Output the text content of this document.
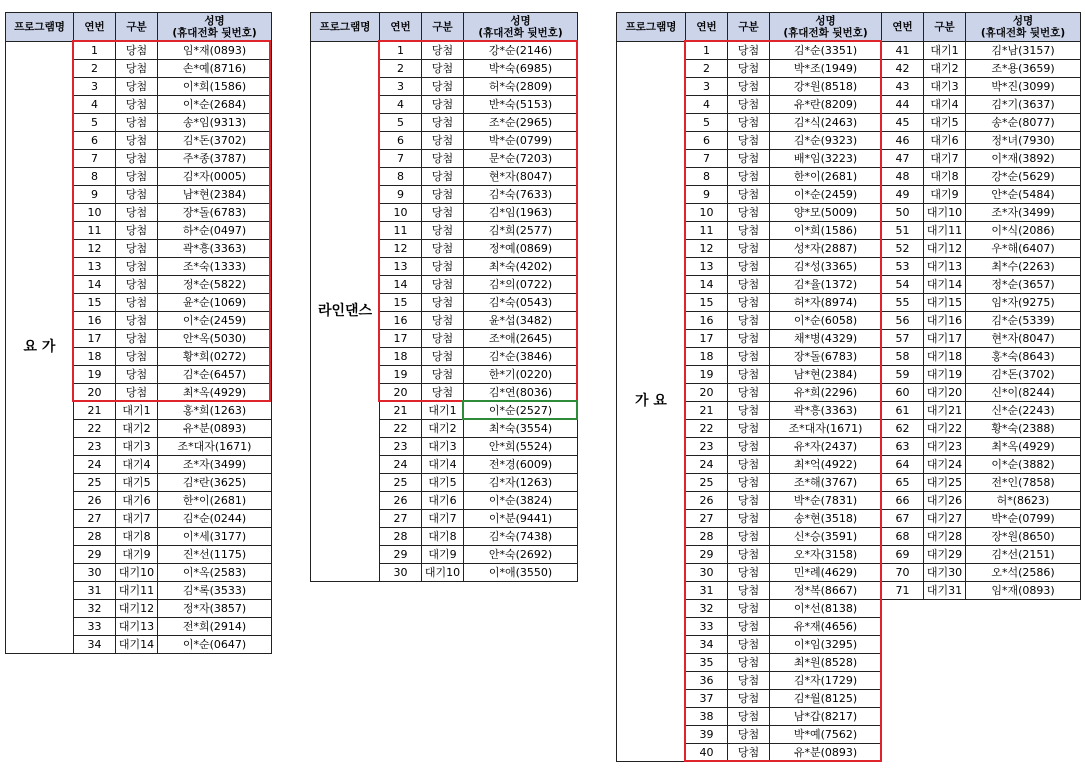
프로그램명	연번	구분	성명
(휴대전화 뒷번호)

요 가	1	당첨	임*재(0893)
	2	당첨	손*예(8716)
	3	당첨	이*희(1586)
	4	당첨	이*순(2684)
	5	당첨	송*임(9313)
	6	당첨	김*돈(3702)
	7	당첨	주*종(3787)
	8	당첨	김*자(0005)
	9	당첨	남*현(2384)
	10	당첨	장*돌(6783)
	11	당첨	하*순(0497)
	12	당첨	곽*흥(3363)
	13	당첨	조*숙(1333)
	14	당첨	정*순(5822)
	15	당첨	윤*순(1069)
	16	당첨	이*순(2459)
	17	당첨	안*옥(5030)
	18	당첨	황*희(0272)
	19	당첨	김*순(6457)
	20	당첨	최*옥(4929)
	21	대기1	홍*희(1263)
	22	대기2	유*분(0893)
	23	대기3	조*대자(1671)
	24	대기4	조*자(3499)
	25	대기5	김*란(3625)
	26	대기6	한*이(2681)
	27	대기7	김*순(0244)
	28	대기8	이*세(3177)
	29	대기9	진*선(1175)
	30	대기10	이*옥(2583)
	31	대기11	김*록(3533)
	32	대기12	정*자(3857)
	33	대기13	전*희(2914)
	34	대기14	이*순(0647)
프로그램명	연번	구분	성명
(휴대전화 뒷번호)

라인댄스	1	당첨	강*순(2146)
	2	당첨	박*숙(6985)
	3	당첨	허*숙(2809)
	4	당첨	반*숙(5153)
	5	당첨	조*순(2965)
	6	당첨	박*순(0799)
	7	당첨	문*순(7203)
	8	당첨	현*자(8047)
	9	당첨	김*숙(7633)
	10	당첨	김*임(1963)
	11	당첨	김*희(2577)
	12	당첨	정*예(0869)
	13	당첨	최*숙(4202)
	14	당첨	김*의(0722)
	15	당첨	김*숙(0543)
	16	당첨	윤*섭(3482)
	17	당첨	조*애(2645)
	18	당첨	김*순(3846)
	19	당첨	한*기(0220)
	20	당첨	김*연(8036)
	21	대기1	이*순(2527)
	22	대기2	최*숙(3554)
	23	대기3	안*희(5524)
	24	대기4	전*경(6009)
	25	대기5	김*자(1263)
	26	대기6	이*순(3824)
	27	대기7	이*분(9441)
	28	대기8	김*숙(7438)
	29	대기9	안*숙(2692)
	30	대기10	이*애(3550)
프로그램명	연번	구분	성명
(휴대전화 뒷번호)	연번	구분	성명
(휴대전화 뒷번호)

가 요	1	당첨	김*순(3351)	41	대기1	김*남(3157)
	2	당첨	박*조(1949)	42	대기2	조*용(3659)
	3	당첨	강*원(8518)	43	대기3	박*진(3099)
	4	당첨	유*란(8209)	44	대기4	김*기(3637)
	5	당첨	김*식(2463)	45	대기5	송*순(8077)
	6	당첨	김*순(9323)	46	대기6	정*녀(7930)
	7	당첨	배*임(3223)	47	대기7	이*재(3892)
	8	당첨	한*이(2681)	48	대기8	강*순(5629)
	9	당첨	이*순(2459)	49	대기9	안*순(5484)
	10	당첨	양*모(5009)	50	대기10	조*자(3499)
	11	당첨	이*희(1586)	51	대기11	이*식(2086)
	12	당첨	성*자(2887)	52	대기12	우*해(6407)
	13	당첨	김*성(3365)	53	대기13	최*수(2263)
	14	당첨	김*율(1372)	54	대기14	정*순(3657)
	15	당첨	허*자(8974)	55	대기15	임*자(9275)
	16	당첨	이*순(6058)	56	대기16	김*순(5339)
	17	당첨	채*병(4329)	57	대기17	현*자(8047)
	18	당첨	장*돌(6783)	58	대기18	홍*숙(8643)
	19	당첨	남*현(2384)	59	대기19	김*돈(3702)
	20	당첨	유*희(2296)	60	대기20	신*이(8244)
	21	당첨	곽*흥(3363)	61	대기21	신*순(2243)
	22	당첨	조*대자(1671)	62	대기22	황*숙(2388)
	23	당첨	유*자(2437)	63	대기23	최*옥(4929)
	24	당첨	최*억(4922)	64	대기24	이*순(3882)
	25	당첨	조*해(3767)	65	대기25	전*인(7858)
	26	당첨	박*순(7831)	66	대기26	허*(8623)
	27	당첨	송*현(3518)	67	대기27	박*순(0799)
	28	당첨	신*승(3591)	68	대기28	장*원(8650)
	29	당첨	오*자(3158)	69	대기29	김*선(2151)
	30	당첨	민*례(4629)	70	대기30	오*석(2586)
	31	당첨	정*복(8667)	71	대기31	임*재(0893)
	32	당첨	이*선(8138)			
	33	당첨	유*재(4656)			
	34	당첨	이*임(3295)			
	35	당첨	최*원(8528)			
	36	당첨	김*자(1729)			
	37	당첨	김*월(8125)			
	38	당첨	남*갑(8217)			
	39	당첨	박*예(7562)			
	40	당첨	유*분(0893)			
